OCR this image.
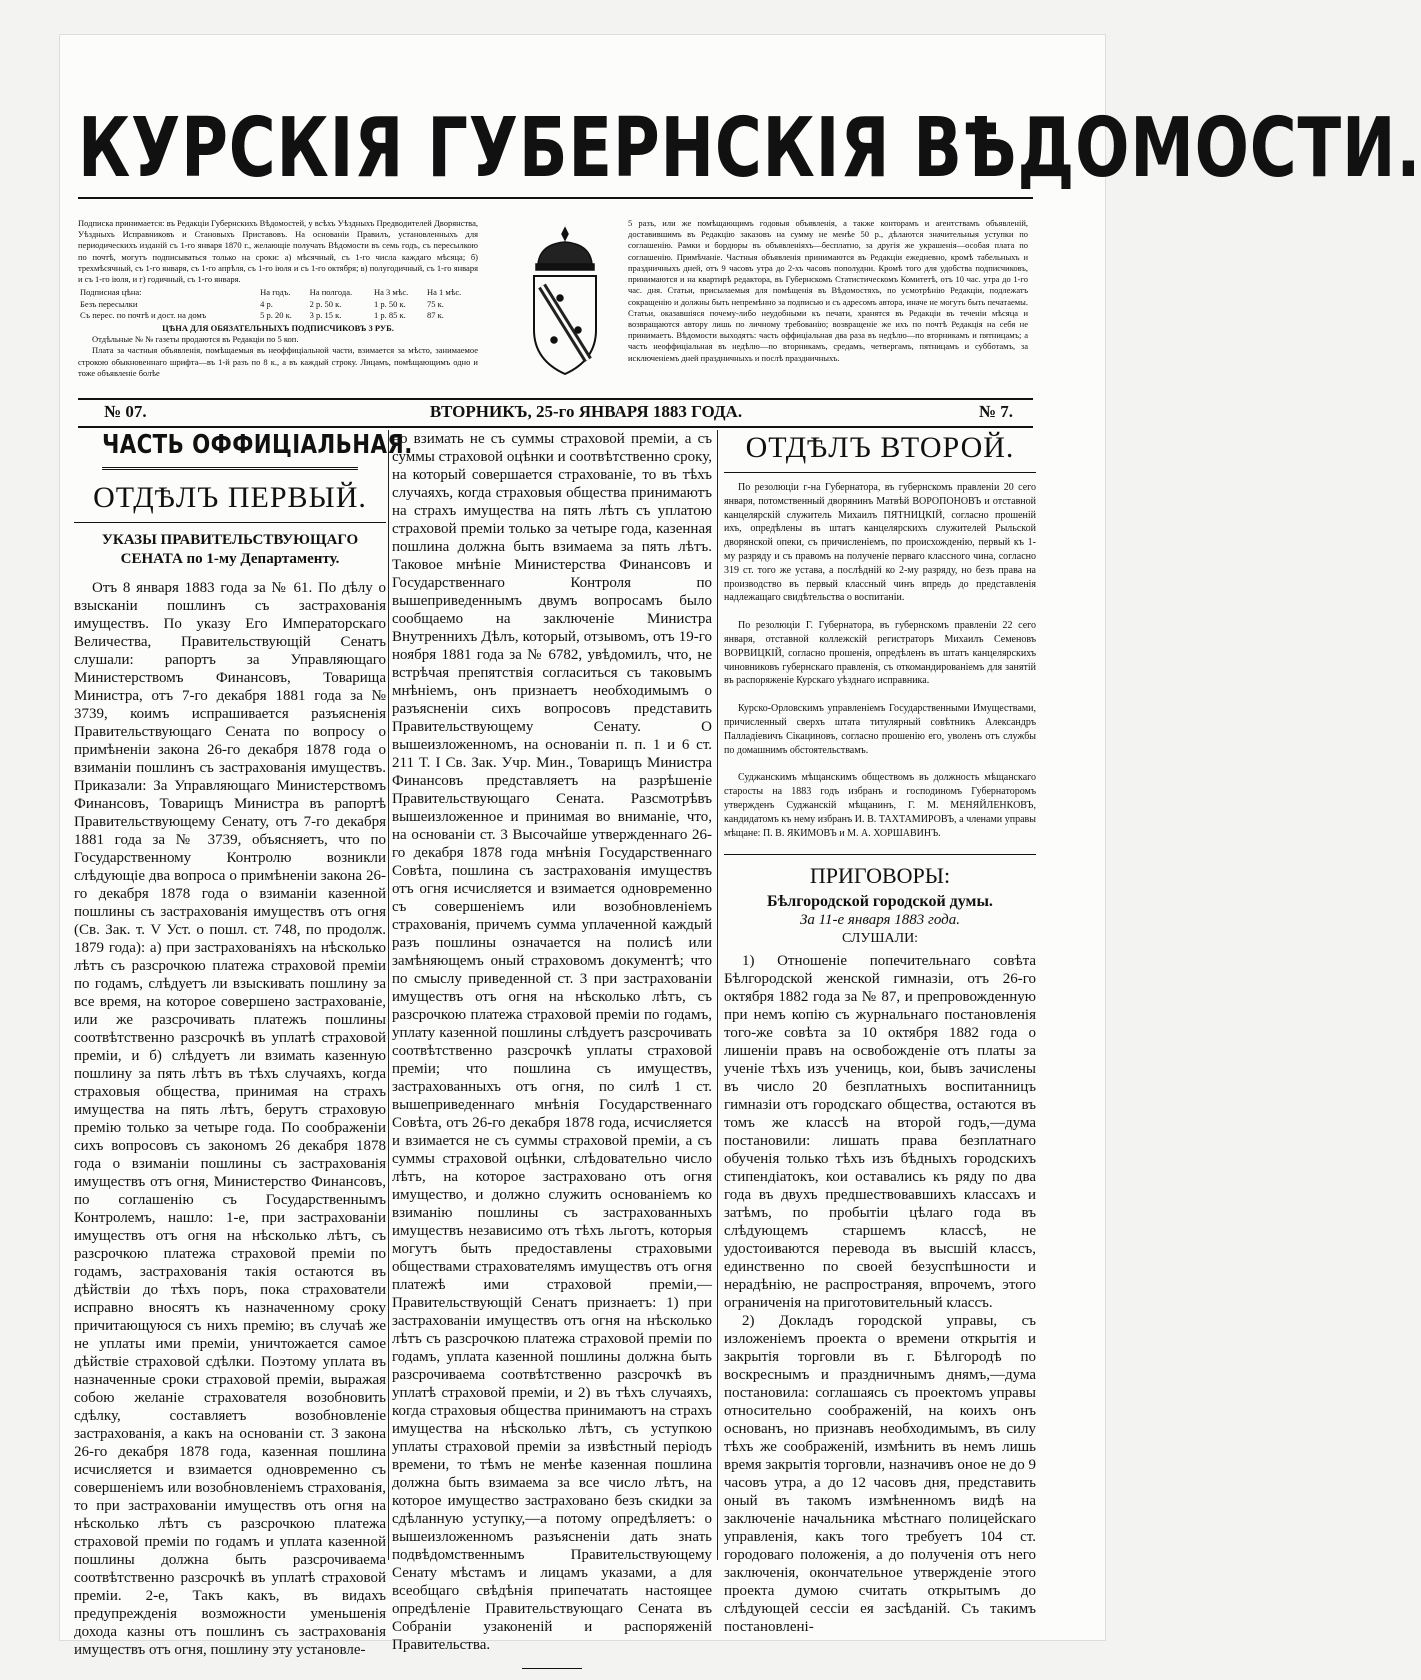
КУРСКІЯ ГУБЕРНСКІЯ ВѢДОМОСТИ.
Подписка принимается: въ Редакціи Губернскихъ Вѣдомостей, у всѣхъ Уѣздныхъ Предводителей Дворянства, Уѣздныхъ Исправниковъ и Становыхъ Приставовъ. На основаніи Правилъ, установленныхъ для периодическихъ изданій съ 1-го января 1870 г., желающіе получать Вѣдомости въ семь годъ, съ пересылкою по почтѣ, могутъ подписываться только на сроки: а) мѣсячный, съ 1-го числа каждаго мѣсяца; б) трехмѣсячный, съ 1-го января, съ 1-го апрѣля, съ 1-го іюля и съ 1-го октября; в) полугодичный, съ 1-го января и съ 1-го іюля, и г) годичный, съ 1-го января.
Подписная цѣна:	На годъ.	На полгода.	На 3 мѣс.	На 1 мѣс.
Безъ пересылки	4 р.	2 р. 50 к.	1 р. 50 к.	75 к.
Съ перес. по почтѣ и дост. на домъ	5 р. 20 к.	3 р. 15 к.	1 р. 85 к.	87 к.
ЦѢНА ДЛЯ ОБЯЗАТЕЛЬНЫХЪ ПОДПИСЧИКОВЪ 3 РУБ.
Отдѣльные № № газеты продаются въ Редакціи по 5 коп.
Плата за частныя объявленія, помѣщаемыя въ неоффиціальной части, взимается за мѣсто, занимаемое строкою обыкновеннаго шрифта—въ 1-й разъ по 8 к., а въ каждый строку. Лицамъ, помѣщающимъ одно и тоже объявленіе болѣе
5 разъ, или же помѣщающимъ годовыя объявленія, а также конторамъ и агентствамъ объявленій, доставившимъ въ Редакцію заказовъ на сумму не менѣе 50 р., дѣлаются значительныя уступки по соглашенію. Рамки и бордюры въ объявленіяхъ—бесплатно, за другія же украшенія—особая плата по соглашенію. Примѣчаніе. Частныя объявленія принимаются въ Редакціи ежедневно, кромѣ табельныхъ и праздничныхъ дней, отъ 9 часовъ утра до 2-хъ часовъ пополудни. Кромѣ того для удобства подписчиковъ, принимаются и на квартирѣ редактора, въ Губернскомъ Статистическомъ Комитетѣ, отъ 10 час. утра до 1-го час. дня. Статьи, присылаемыя для помѣщенія въ Вѣдомостяхъ, по усмотрѣнію Редакціи, подлежатъ сокращенію и должны быть непремѣнно за подписью и съ адресомъ автора, иначе не могутъ быть печатаемы. Статьи, оказавшіяся почему-либо неудобными къ печати, хранятся въ Редакціи въ теченіи мѣсяца и возвращаются автору лишь по личному требованію; возвращеніе же ихъ по почтѣ Редакція на себя не принимаетъ. Вѣдомости выходятъ: часть оффиціальная два раза въ недѣлю—по вторникамъ и пятницамъ; а часть неоффиціальная въ недѣлю—по вторникамъ, средамъ, четвергамъ, пятницамъ и субботамъ, за исключеніемъ дней праздничныхъ и послѣ праздничныхъ.
№ 07.	ВТОРНИКЪ, 25-го ЯНВАРЯ 1883 ГОДА.	№ 7.
ЧАСТЬ ОФФИЦІАЛЬНАЯ.
ОТДѢЛЪ ПЕРВЫЙ.
УКАЗЫ ПРАВИТЕЛЬСТВУЮЩАГО СЕНАТА по 1-му Департаменту.

Отъ 8 января 1883 года за № 61. По дѣлу о взысканіи пошлинъ съ застрахованія имуществъ. По указу Его Императорскаго Величества, Правительствующій Сенатъ слушали: рапортъ за Управляющаго Министерствомъ Финансовъ, Товарища Министра, отъ 7-го декабря 1881 года за № 3739, коимъ испрашивается разъясненія Правительствующаго Сената по вопросу о примѣненіи закона 26-го декабря 1878 года о взиманіи пошлинъ съ застрахованія имуществъ. Приказали: За Управляющаго Министерствомъ Финансовъ, Товарищъ Министра въ рапортѣ Правительствующему Сенату, отъ 7-го декабря 1881 года за № 3739, объясняетъ, что по Государственному Контролю возникли слѣдующіе два вопроса о примѣненіи закона 26-го декабря 1878 года о взиманіи казенной пошлины съ застрахованія имуществъ отъ огня (Св. Зак. т. V Уст. о пошл. ст. 748, по продолж. 1879 года): а) при застрахованіяхъ на нѣсколько лѣтъ съ разсрочкою платежа страховой преміи по годамъ, слѣдуетъ ли взыскивать пошлину за все время, на которое совершено застрахованіе, или же разсрочивать платежъ пошлины соотвѣтственно разсрочкѣ въ уплатѣ страховой преміи, и б) слѣдуетъ ли взимать казенную пошлину за пять лѣтъ въ тѣхъ случаяхъ, когда страховыя общества, принимая на страхъ имущества на пять лѣтъ, берутъ страховую премію только за четыре года. По соображеніи сихъ вопросовъ съ закономъ 26 декабря 1878 года о взиманіи пошлины съ застрахованія имуществъ отъ огня, Министерство Финансовъ, по соглашенію съ Государственнымъ Контролемъ, нашло: 1-е, при застрахованіи имуществъ отъ огня на нѣсколько лѣтъ, съ разсрочкою платежа страховой преміи по годамъ, застрахованія такія остаются въ дѣйствіи до тѣхъ поръ, пока страхователи исправно вносятъ къ назначенному сроку причитающуюся съ нихъ премію; въ случаѣ же не уплаты ими преміи, уничтожается самое дѣйствіе страховой сдѣлки. Поэтому уплата въ назначенные сроки страховой преміи, выражая собою желаніе страхователя возобновить сдѣлку, составляетъ возобновленіе застрахованія, а какъ на основаніи ст. 3 закона 26-го декабря 1878 года, казенная пошлина исчисляется и взимается одновременно съ совершеніемъ или возобновленіемъ страхованія, то при застрахованіи имуществъ отъ огня на нѣсколько лѣтъ съ разсрочкою платежа страховой преміи по годамъ и уплата казенной пошлины должна быть разсрочиваема соотвѣтственно разсрочкѣ въ уплатѣ страховой преміи. 2-е, Такъ какъ, въ видахъ предупрежденія возможности уменьшенія дохода казны отъ пошлинъ съ застрахованія имуществъ отъ огня, пошлину эту установле-

но взимать не съ суммы страховой преміи, а съ суммы страховой оцѣнки и соотвѣтственно сроку, на который совершается страхованіе, то въ тѣхъ случаяхъ, когда страховыя общества принимаютъ на страхъ имущества на пять лѣтъ съ уплатою страховой преміи только за четыре года, казенная пошлина должна быть взимаема за пять лѣтъ. Таковое мнѣніе Министерства Финансовъ и Государственнаго Контроля по вышеприведеннымъ двумъ вопросамъ было сообщаемо на заключеніе Министра Внутреннихъ Дѣлъ, который, отзывомъ, отъ 19-го ноября 1881 года за № 6782, увѣдомилъ, что, не встрѣчая препятствія согласиться съ таковымъ мнѣніемъ, онъ признаетъ необходимымъ о разъясненіи сихъ вопросовъ представить Правительствующему Сенату. О вышеизложенномъ, на основаніи п. п. 1 и 6 ст. 211 Т. I Св. Зак. Учр. Мин., Товарищъ Министра Финансовъ представляетъ на разрѣшеніе Правительствующаго Сената. Разсмотрѣвъ вышеизложенное и принимая во вниманіе, что, на основаніи ст. 3 Высочайше утвержденнаго 26-го декабря 1878 года мнѣнія Государственнаго Совѣта, пошлина съ застрахованія имуществъ отъ огня исчисляется и взимается одновременно съ совершеніемъ или возобновленіемъ страхованія, причемъ сумма уплаченной каждый разъ пошлины означается на полисѣ или замѣняющемъ оный страховомъ документѣ; что по смыслу приведенной ст. 3 при застрахованіи имуществъ отъ огня на нѣсколько лѣтъ, съ разсрочкою платежа страховой преміи по годамъ, уплату казенной пошлины слѣдуетъ разсрочивать соотвѣтственно разсрочкѣ уплаты страховой преміи; что пошлина съ имуществъ, застрахованныхъ отъ огня, по силѣ 1 ст. вышеприведеннаго мнѣнія Государственнаго Совѣта, отъ 26-го декабря 1878 года, исчисляется и взимается не съ суммы страховой преміи, а съ суммы страховой оцѣнки, слѣдовательно число лѣтъ, на которое застраховано отъ огня имущество, и должно служить основаніемъ ко взиманію пошлины съ застрахованныхъ имуществъ независимо отъ тѣхъ льготъ, которыя могутъ быть предоставлены страховыми обществами страхователямъ имуществъ отъ огня платежѣ ими страховой преміи,—Правительствующій Сенатъ признаетъ: 1) при застрахованіи имуществъ отъ огня на нѣсколько лѣтъ съ разсрочкою платежа страховой преміи по годамъ, уплата казенной пошлины должна быть разсрочиваема соотвѣтственно разсрочкѣ въ уплатѣ страховой преміи, и 2) въ тѣхъ случаяхъ, когда страховыя общества принимаютъ на страхъ имущества на нѣсколько лѣтъ, съ уступкою уплаты страховой преміи за извѣстный періодъ времени, то тѣмъ не менѣе казенная пошлина должна быть взимаема за все число лѣтъ, на которое имущество застраховано безъ скидки за сдѣланную уступку,—а потому опредѣляетъ: о вышеизложенномъ разъясненіи дать знать подвѣдомственнымъ Правительствующему Сенату мѣстамъ и лицамъ указами, а для всеобщаго свѣдѣнія припечатать настоящее опредѣленіе Правительствующаго Сената въ Собраніи узаконеній и распоряженій Правительства.

ОТДѢЛЪ ВТОРОЙ.

По резолюціи г-на Губернатора, въ губернскомъ правленіи 20 сего января, потомственный дворянинъ Матвѣй ВОРОПОНОВЪ и отставной канцелярскій служитель Михаилъ ПЯТНИЦКІЙ, согласно прошеній ихъ, опредѣлены въ штатъ канцелярскихъ служителей Рыльской дворянской опеки, съ причисленіемъ, по происхожденію, первый къ 1-му разряду и съ правомъ на полученіе перваго классного чина, согласно 319 ст. того же устава, а послѣдній ко 2-му разряду, но безъ права на производство въ первый классный чинъ впредь до представленія надлежащаго свидѣтельства о воспитаніи.

По резолюціи Г. Губернатора, въ губернскомъ правленіи 22 сего января, отставной коллежскій регистраторъ Михаилъ Семеновъ ВОРВИЦКІЙ, согласно прошенія, опредѣленъ въ штатъ канцелярскихъ чиновниковъ губернскаго правленія, съ откомандированіемъ для занятій въ распоряженіе Курскаго уѣзднаго исправника.

Курско-Орловскимъ управленіемъ Государственными Имуществами, причисленный сверхъ штата титулярный совѣтникъ Александръ Палладіевичъ Сікациновъ, согласно прошенію его, уволенъ отъ службы по домашнимъ обстоятельствамъ.

Суджанскимъ мѣщанскимъ обществомъ въ должность мѣщанскаго старосты на 1883 годъ избранъ и господиномъ Губернаторомъ утвержденъ Суджанскій мѣщанинъ, Г. М. МЕНЯЙЛЕНКОВЪ, кандидатомъ къ нему избранъ И. В. ТАХТАМИРОВЪ, а членами управы мѣщане: П. В. ЯКИМОВЪ и М. А. ХОРШАВИНЪ.

ПРИГОВОРЫ:
Бѣлгородской городской думы.
За 11-е января 1883 года.
СЛУШАЛИ:

1) Отношеніе попечительнаго совѣта Бѣлгородской женской гимназіи, отъ 26-го октября 1882 года за № 87, и препровожденную при немъ копію съ журнальнаго постановленія того-же совѣта за 10 октября 1882 года о лишеніи правъ на освобожденіе отъ платы за ученіе тѣхъ изъ учениць, кои, бывъ зачислены въ число 20 безплатныхъ воспитанницъ гимназіи отъ городскаго общества, остаются въ томъ же классѣ на второй годъ,—дума постановили: лишать права безплатнаго обученія только тѣхъ изъ бѣдныхъ городскихъ стипендіатокъ, кои оставались къ ряду по два года въ двухъ предшествовавшихъ классахъ и затѣмъ, по пробытіи цѣлаго года въ слѣдующемъ старшемъ классѣ, не удостоиваются перевода въ высшій классъ, единственно по своей безуспѣшности и нерадѣнію, не распространяя, впрочемъ, этого ограниченія на приготовительный классъ.

2) Докладъ городской управы, съ изложеніемъ проекта о времени открытія и закрытія торговли въ г. Бѣлгородѣ по воскреснымъ и праздничнымъ днямъ,—дума постановила: соглашаясь съ проектомъ управы относительно соображеній, на коихъ онъ основанъ, но признавъ необходимымъ, въ силу тѣхъ же соображеній, измѣнить въ немъ лишь время закрытія торговли, назначивъ оное не до 9 часовъ утра, а до 12 часовъ дня, представить оный въ такомъ измѣненномъ видѣ на заключеніе начальника мѣстнаго полицейскаго управленія, какъ того требуетъ 104 ст. городоваго положенія, а до полученія отъ него заключенія, окончательное утвержденіе этого проекта думою считать открытымъ до слѣдующей сессіи ея засѣданій. Съ такимъ постановлені-
